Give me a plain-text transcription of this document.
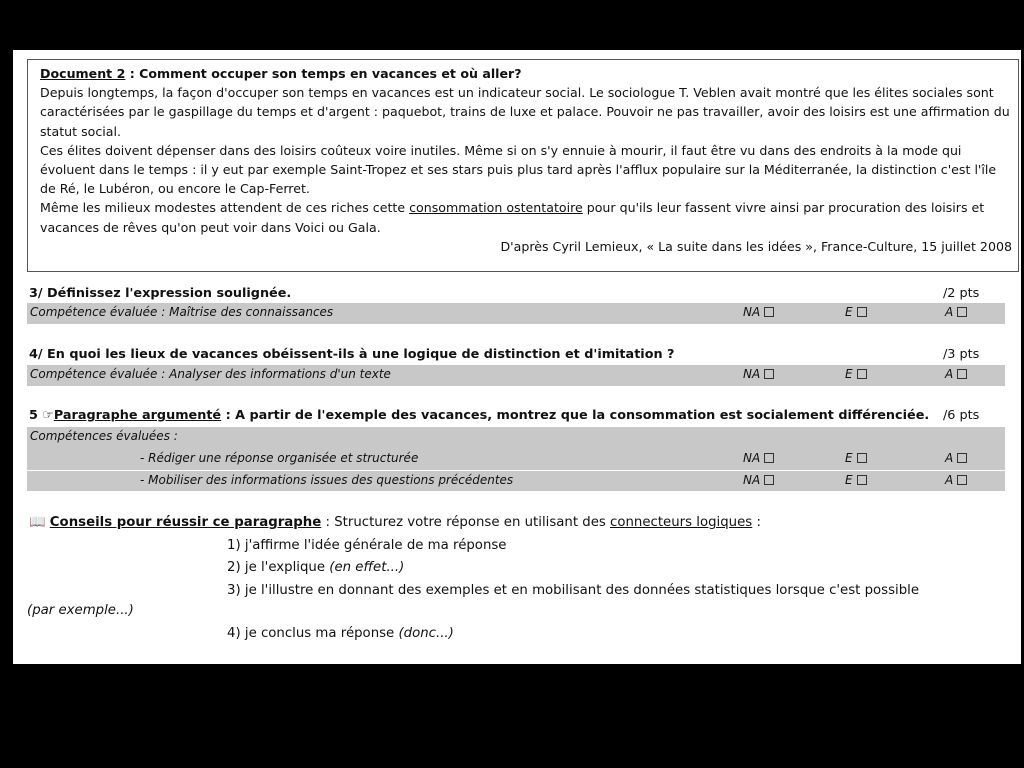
Document 2 : Comment occuper son temps en vacances et où aller?

Depuis longtemps, la façon d'occuper son temps en vacances est un indicateur social. Le sociologue T. Veblen avait montré que les élites sociales sont caractérisées par le gaspillage du temps et d'argent : paquebot, trains de luxe et palace. Pouvoir ne pas travailler, avoir des loisirs est une affirmation du statut social.

Ces élites doivent dépenser dans des loisirs coûteux voire inutiles. Même si on s'y ennuie à mourir, il faut être vu dans des endroits à la mode qui évoluent dans le temps : il y eut par exemple Saint-Tropez et ses stars puis plus tard après l'afflux populaire sur la Méditerranée, la distinction c'est l'île de Ré, le Lubéron, ou encore le Cap-Ferret.

Même les milieux modestes attendent de ces riches cette consommation ostentatoire pour qu'ils leur fassent vivre ainsi par procuration des loisirs et vacances de rêves qu'on peut voir dans Voici ou Gala.

D'après Cyril Lemieux, « La suite dans les idées », France-Culture, 15 juillet 2008

3/ Définissez l'expression soulignée.	/2 pts
Compétence évaluée : Maîtrise des connaissances	NA	E	A
4/ En quoi les lieux de vacances obéissent-ils à une logique de distinction et d'imitation ?	/3 pts
Compétence évaluée : Analyser des informations d'un texte	NA	E	A
5 ☞Paragraphe argumenté : A partir de l'exemple des vacances, montrez que la consommation est socialement différenciée. /6 pts
Compétences évaluées :
- Rédiger une réponse organisée et structurée	NA	E	A
- Mobiliser des informations issues des questions précédentes	NA	E	A
📖 Conseils pour réussir ce paragraphe : Structurez votre réponse en utilisant des connecteurs logiques :
1) j'affirme l'idée générale de ma réponse
2) je l'explique (en effet...)
3) je l'illustre en donnant des exemples et en mobilisant des données statistiques lorsque c'est possible
(par exemple...)
4) je conclus ma réponse (donc...)
